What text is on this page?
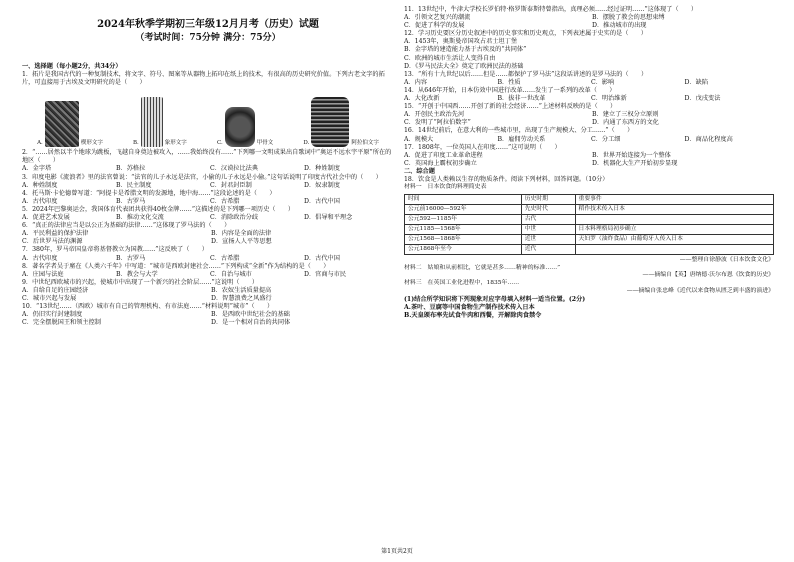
2024年秋季学期初三年级12月月考（历史）试题
（考试时间：75分钟 满分：75分）
一、选择题（每小题2分，共34分）

1．拓片是我国古代的一种复制技术，将文字、符号、图案等从器物上拓印在纸上的技术，有很高的历史研究价值。下列古老文字的拓片，可直接用于古埃及文明研究的是（　　）

A.	楔形文字	B.	象形文字	C.	甲骨文	D.	阿拉伯文字

2．“……居然以半个地球为跳板，飞越自身奠边被攻入，……我始终没有……”下列哪一文明成果出自歌词中“奥运不远水宇平原”所在的地区（　　）

A．金字塔	B．苏格拉	C．汉谟拉比法典	D．种姓制度

3．印度电影《流浪者》里的法官曾说：“法官的儿子永远是法官，小偷的儿子永远是小偷。”这句话说明了印度古代社会中的（　　）

A．种姓制度	B．民主制度	C．封君封臣制	D．奴隶制度

4．托马斯·卡伦德曾写道：“阿提卡是希腊文明的发源地，地中海……”这段论述的是（　　）

A．古代印度	B．古罗马	C．古希腊	D．古代中国

5．2024年巴黎奥运会，我国体育代表团共获得40枚金牌……”这描述的是下列哪一项历史（　　）

A．促进艺术发展	B．推动文化交流	C．消除政治分歧	D．倡导和平理念

6．“真正的法律应当是以公正为基础的法律……”这体现了罗马法的（　　）

A．平民利益的保护法律	B．内容是全面的法律
C．后世罗马法的渊源	D．宣扬人人平等思想

7．380年，罗马帝国皇帝将基督教立为国教……”这反映了（　　）

A．古代印度	B．古罗马	C．古希腊	D．古代中国

8．著名学者吴于廑在《人类六千年》中写道：“城市是西欧封建社会……”下列构成“全新”作为结构的是（　　）

A．庄园与法庭	B．教会与大学	C．自治与城市	D．官商与市民

9．中世纪西欧城市的兴起，使城市中出现了一个新兴的社会阶层……”这说明（　　）

A．自给自足的庄园经济	B．农奴生活质量提高
C．城市兴起与发展	D．智慧浪费之风盛行

10．“13世纪……（西欧）城市有自己的管理机构、有市法庭……“材料说明”城市”（　　）

A．仍旧实行封建制度	B．是西欧中世纪社会的基础
C．完全摆脱国王和领主控制	D．是一个相对自治的共同体

11．13世纪中，牛津大学校长罗伯特·格罗斯泰斯特曾指出，真理必须……经过证明……”这体现了（　　）

A．引领文艺复兴的潮流	B．摆脱了教会的思想束缚
C．促进了科学的发展	D．推动城市的出现

12．学习历史要区分历史叙述中的历史事实和历史观点，下列表述属于史实的是（　　）

A．1453年，奥斯曼帝国攻占君士坦丁堡
B．金字塔的建造能力基于古埃及的“共同体”
C．欧洲的城市生活让人变得自由
D．《罗马民法大全》奠定了欧洲民法的基础

13．“所有十九世纪以后……但是……都保护了罗马法”这段话讲述的是罗马法的（　　）

A．内容	B．性质	C．影响	D．缺陷

14．从646年开始，日本仿效中国进行改革……发生了一系列的改革（　　）

A．大化改新	B．拔非一世改革	C．明治维新	D．戊戌变法

15．“开创于中国西……开创了新的社会经济……”上述材料反映的是（　　）

A．开创民主政治先河	B．建立了三权分立原则
C．发明了“阿拉伯数字”	D．内通了东西方的文化

16．14世纪前后，在意大利的一些城市里，出现了生产规模大、分工……”（　　）

A．规模大	B．雇佣劳动关系	C．分工细	D．商品化程度高

17．1808年，一位英国人在印度……”这可说明（　　）

A．促进了印度工业革命进程	B．世界开始连接为一个整体
C．英国海上霸权初步确立	D．机器化大生产开始初步显现
二、综合题

18．饮食是人类赖以生存的物质条件。阅读下列材料，回答问题。（10分）

材料一　日本饮食的料理简史表
时间	历史时期	重要事件
公元前16000—592年	先史时代	稻作技术传入日本
公元592—1185年	古代	
公元1185—1568年	中世	日本料理格局初步确立
公元1568—1868年	近世	天妇罗（油炸食品）由葡萄牙人传入日本
公元1868年至今	近代	
——整理自徐静波《日本饮食文化》
材料二　姑娘和从前相比，它就是甚多……精神的标准……”
——摘编自【英】唐纳德·沃尔布恩《饮食的历史》
材料三　在英国工业化进程中，1835年……
——摘编自张忠峰《近代以来食物从匮乏到丰盛的演进》
(1)结合所学知识将下列现象对应字母填入材料一适当位置。(2分)
A.茶叶、豆腐等中国食物生产制作技术传入日本
B.天皇颁布率先试食牛肉和西餐，开解除肉食禁令
第1页共2页
